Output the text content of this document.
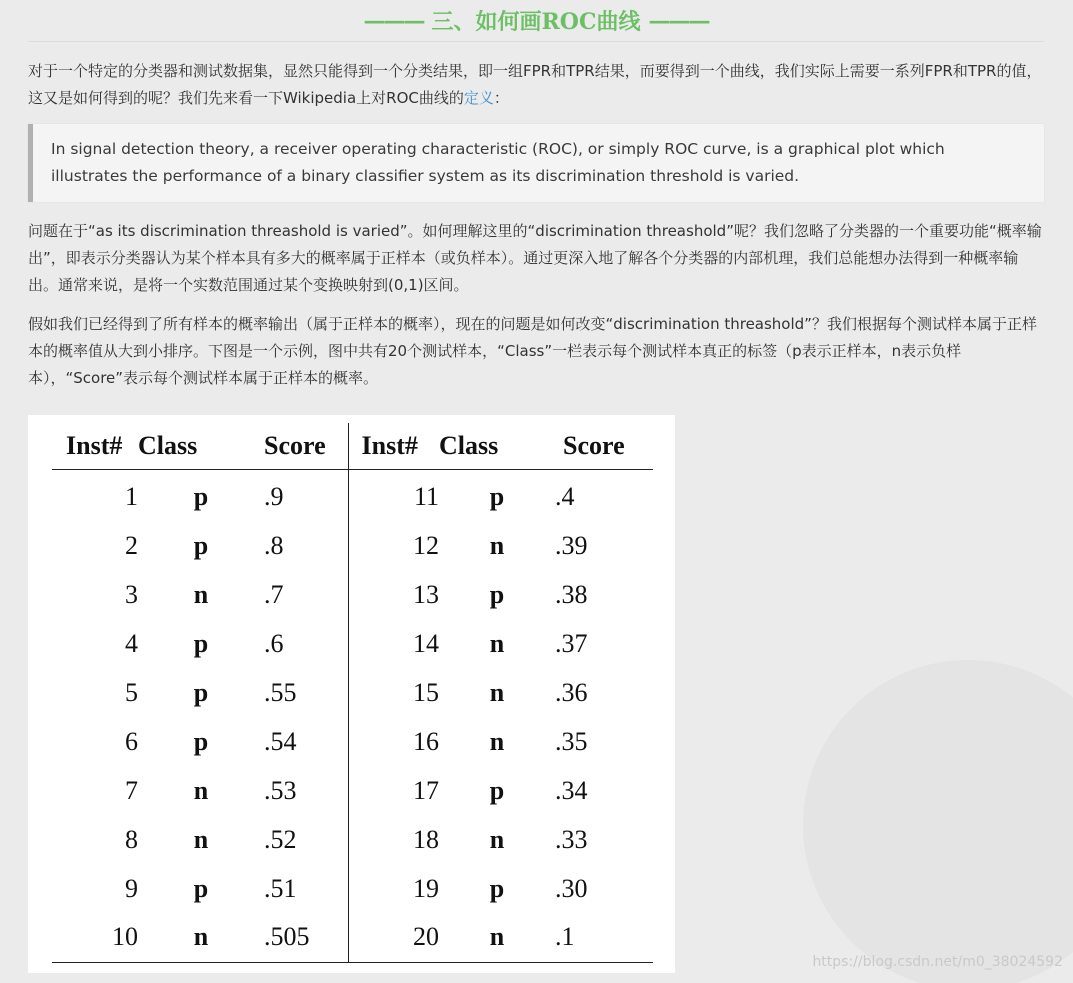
——— 三、如何画ROC曲线 ———

对于一个特定的分类器和测试数据集，显然只能得到一个分类结果，即一组FPR和TPR结果，而要得到一个曲线，我们实际上需要一系列FPR和TPR的值，这又是如何得到的呢？我们先来看一下Wikipedia上对ROC曲线的定义：

In signal detection theory, a receiver operating characteristic (ROC), or simply ROC curve, is a graphical plot which illustrates the performance of a binary classifier system as its discrimination threshold is varied.

问题在于“as its discrimination threashold is varied”。如何理解这里的“discrimination threashold”呢？我们忽略了分类器的一个重要功能“概率输出”，即表示分类器认为某个样本具有多大的概率属于正样本（或负样本）。通过更深入地了解各个分类器的内部机理，我们总能想办法得到一种概率输出。通常来说，是将一个实数范围通过某个变换映射到(0,1)区间。

假如我们已经得到了所有样本的概率输出（属于正样本的概率），现在的问题是如何改变“discrimination threashold”？我们根据每个测试样本属于正样本的概率值从大到小排序。下图是一个示例，图中共有20个测试样本，“Class”一栏表示每个测试样本真正的标签（p表示正样本，n表示负样本），“Score”表示每个测试样本属于正样本的概率。

Inst#	Class	Score	Inst#	Class	Score
1	p	.9	11	p	.4
2	p	.8	12	n	.39
3	n	.7	13	p	.38
4	p	.6	14	n	.37
5	p	.55	15	n	.36
6	p	.54	16	n	.35
7	n	.53	17	p	.34
8	n	.52	18	n	.33
9	p	.51	19	p	.30
10	n	.505	20	n	.1
https://blog.csdn.net/m0_38024592
